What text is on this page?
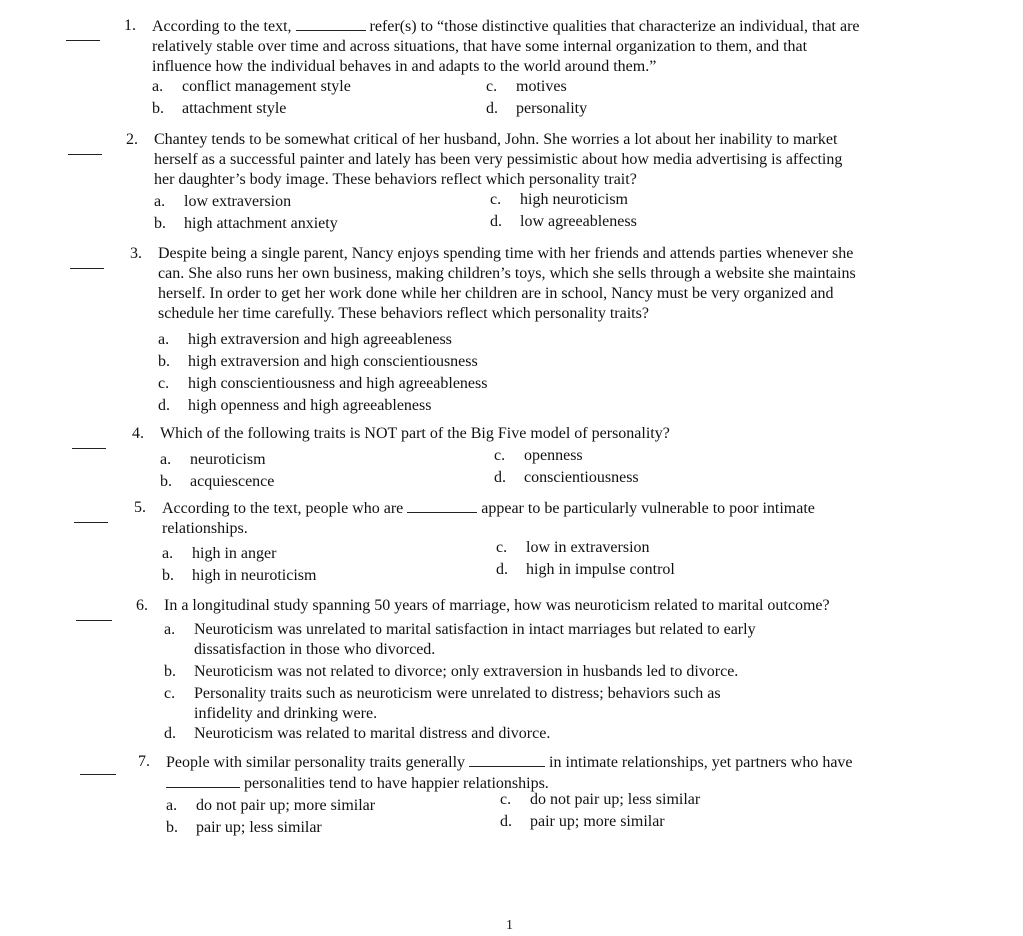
1. According to the text,	refer(s) to “those distinctive qualities that characterize an individual, that are
relatively stable over time and across situations, that have some internal organization to them, and that
influence how the individual behaves in and adapts to the world around them.”
a. conflict management style
b. attachment style
c. motives
d. personality
2. Chantey tends to be somewhat critical of her husband, John. She worries a lot about her inability to market
herself as a successful painter and lately has been very pessimistic about how media advertising is affecting
her daughter’s body image. These behaviors reflect which personality trait?
a. low extraversion
b. high attachment anxiety
c. high neuroticism
d. low agreeableness
3. Despite being a single parent, Nancy enjoys spending time with her friends and attends parties whenever she
can. She also runs her own business, making children’s toys, which she sells through a website she maintains
herself. In order to get her work done while her children are in school, Nancy must be very organized and
schedule her time carefully. These behaviors reflect which personality traits?
a. high extraversion and high agreeableness
b. high extraversion and high conscientiousness
c. high conscientiousness and high agreeableness
d. high openness and high agreeableness
4. Which of the following traits is NOT part of the Big Five model of personality?
a. neuroticism
b. acquiescence
c. openness
d. conscientiousness
5. According to the text, people who are	appear to be particularly vulnerable to poor intimate
relationships.
a. high in anger
b. high in neuroticism
c. low in extraversion
d. high in impulse control
6. In a longitudinal study spanning 50 years of marriage, how was neuroticism related to marital outcome?
a. Neuroticism was unrelated to marital satisfaction in intact marriages but related to early
dissatisfaction in those who divorced.
b. Neuroticism was not related to divorce; only extraversion in husbands led to divorce.
c. Personality traits such as neuroticism were unrelated to distress; behaviors such as
infidelity and drinking were.
d. Neuroticism was related to marital distress and divorce.
7. People with similar personality traits generally	in intimate relationships, yet partners who have
personalities tend to have happier relationships.
a. do not pair up; more similar
b. pair up; less similar
c. do not pair up; less similar
d. pair up; more similar
1
